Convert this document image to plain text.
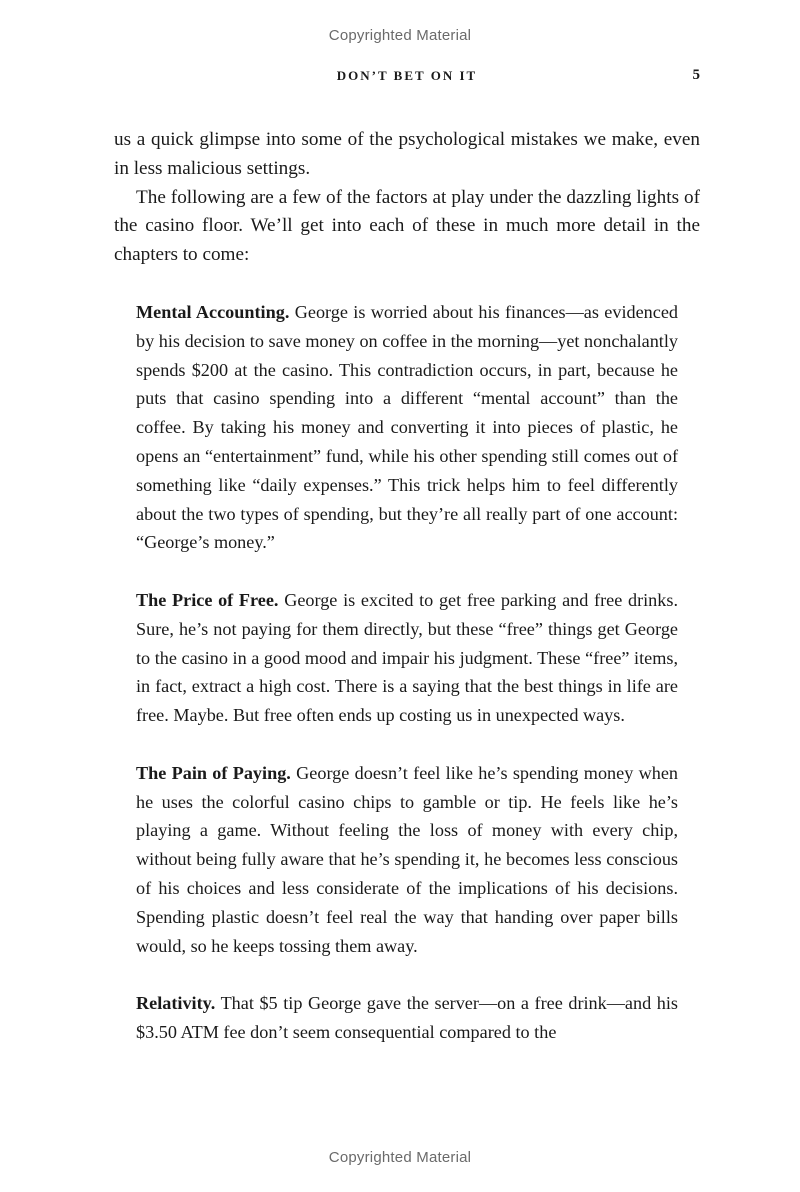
Copyrighted Material
DON’T BET ON IT	5

us a quick glimpse into some of the psychological mistakes we make, even in less malicious settings.

The following are a few of the factors at play under the dazzling lights of the casino floor. We’ll get into each of these in much more detail in the chapters to come:

Mental Accounting. George is worried about his finances—as evidenced by his decision to save money on coffee in the morning—yet nonchalantly spends $200 at the casino. This contradiction occurs, in part, because he puts that casino spending into a different “mental account” than the coffee. By taking his money and converting it into pieces of plastic, he opens an “entertainment” fund, while his other spending still comes out of something like “daily expenses.” This trick helps him to feel differently about the two types of spending, but they’re all really part of one account: “George’s money.”

The Price of Free. George is excited to get free parking and free drinks. Sure, he’s not paying for them directly, but these “free” things get George to the casino in a good mood and impair his judgment. These “free” items, in fact, extract a high cost. There is a saying that the best things in life are free. Maybe. But free often ends up costing us in unexpected ways.

The Pain of Paying. George doesn’t feel like he’s spending money when he uses the colorful casino chips to gamble or tip. He feels like he’s playing a game. Without feeling the loss of money with every chip, without being fully aware that he’s spending it, he becomes less conscious of his choices and less considerate of the implications of his decisions. Spending plastic doesn’t feel real the way that handing over paper bills would, so he keeps tossing them away.

Relativity. That $5 tip George gave the server—on a free drink—and his $3.50 ATM fee don’t seem consequential compared to the

Copyrighted Material
